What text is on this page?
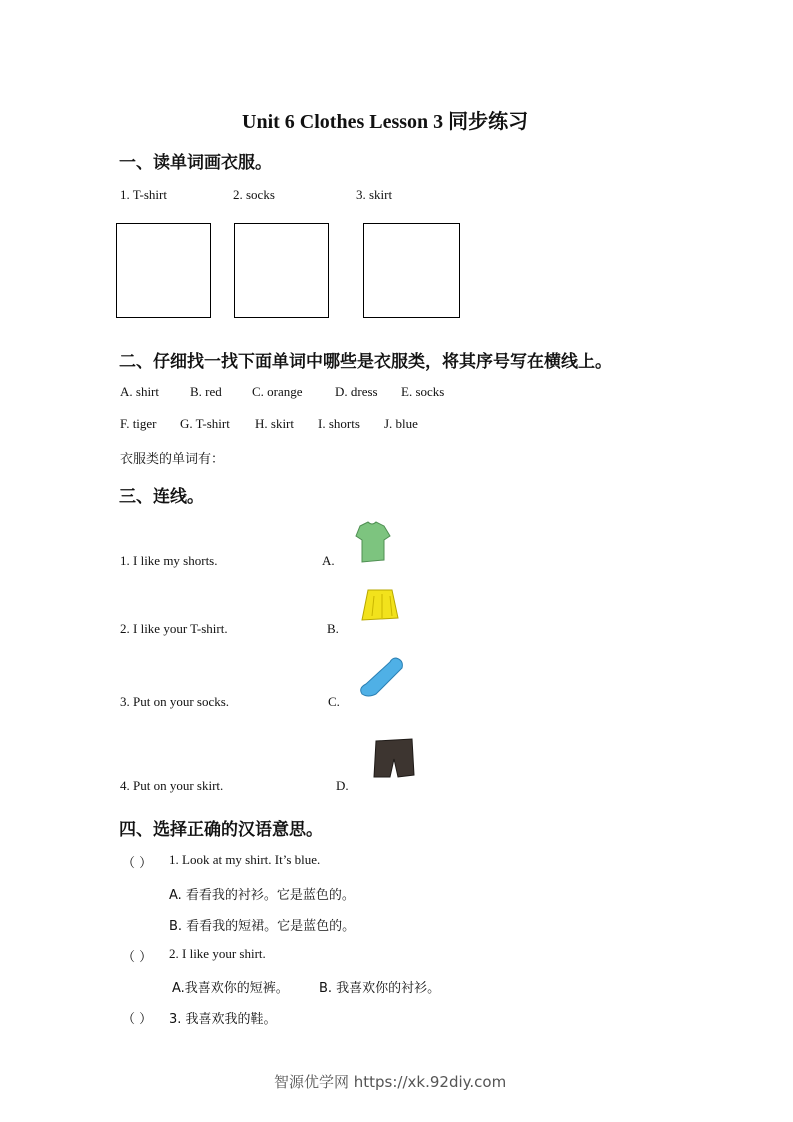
Unit 6 Clothes Lesson 3 同步练习
一、读单词画衣服。
1. T-shirt	2. socks	3. skirt
二、仔细找一找下面单词中哪些是衣服类，将其序号写在横线上。
A. shirt B. red C. orange D. dress E. socks
F. tiger G. T-shirt H. skirt I. shorts J. blue
衣服类的单词有：
三、连线。
1. I like my shorts.	A.
2. I like your T-shirt.	B.
3. Put on your socks.	C.
4. Put on your skirt.	D.
四、选择正确的汉语意思。
（ ） 1. Look at my shirt. It’s blue.
A. 看看我的衬衫。它是蓝色的。
B. 看看我的短裙。它是蓝色的。
（ ） 2. I like your shirt.
A.我喜欢你的短裤。 B. 我喜欢你的衬衫。
（ ） 3. 我喜欢我的鞋。
智源优学网 https://xk.92diy.com
